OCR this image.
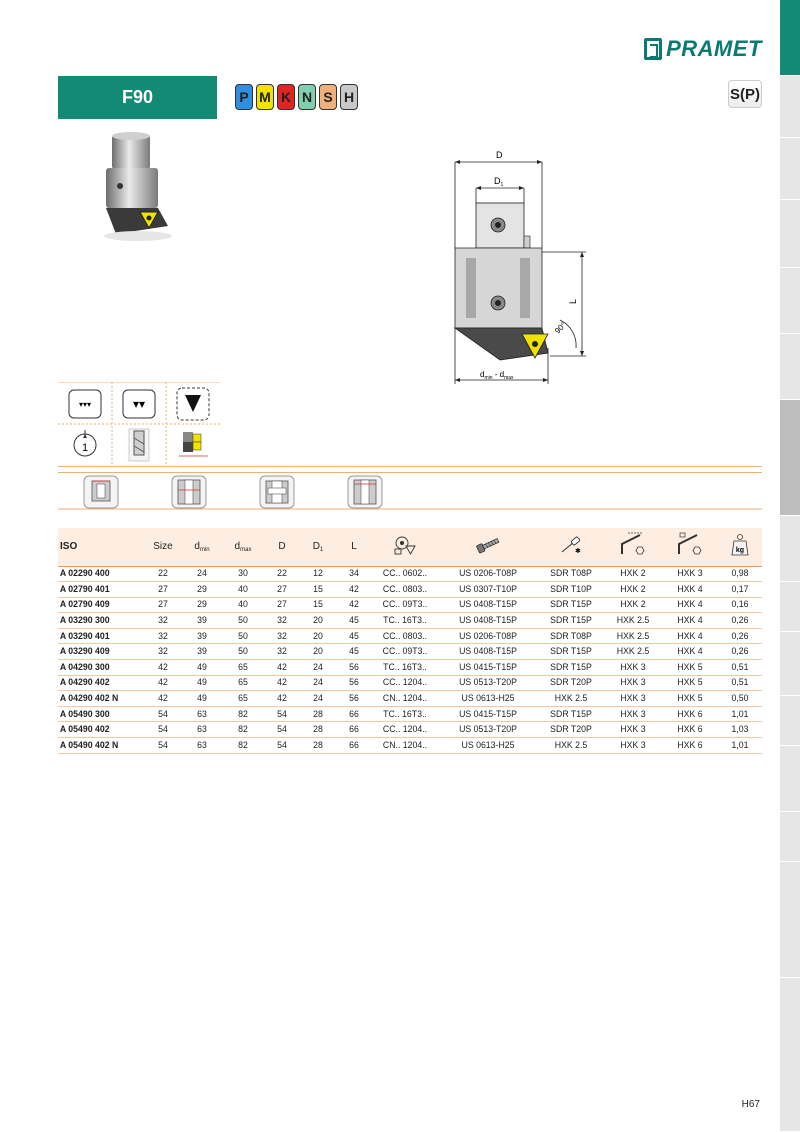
PRAMET
F90	P M K N S H	S(P)
D
$D_1$
L
90°
$d_{min} - d_{max}$
▾▾▾	▾▾
1
ISO	Size	$d_{min}$	$d_{max}$	D	$D_1$	L			✱			kg

A 02290 400	22	24	30	22	12	34	CC.. 0602..	US 0206-T08P	SDR T08P	HXK 2	HXK 3	0,98
A 02790 401	27	29	40	27	15	42	CC.. 0803..	US 0307-T10P	SDR T10P	HXK 2	HXK 4	0,17
A 02790 409	27	29	40	27	15	42	CC.. 09T3..	US 0408-T15P	SDR T15P	HXK 2	HXK 4	0,16
A 03290 300	32	39	50	32	20	45	TC.. 16T3..	US 0408-T15P	SDR T15P	HXK 2.5	HXK 4	0,26
A 03290 401	32	39	50	32	20	45	CC.. 0803..	US 0206-T08P	SDR T08P	HXK 2.5	HXK 4	0,26
A 03290 409	32	39	50	32	20	45	CC.. 09T3..	US 0408-T15P	SDR T15P	HXK 2.5	HXK 4	0,26
A 04290 300	42	49	65	42	24	56	TC.. 16T3..	US 0415-T15P	SDR T15P	HXK 3	HXK 5	0,51
A 04290 402	42	49	65	42	24	56	CC.. 1204..	US 0513-T20P	SDR T20P	HXK 3	HXK 5	0,51
A 04290 402 N	42	49	65	42	24	56	CN.. 1204..	US 0613-H25	HXK 2.5	HXK 3	HXK 5	0,50
A 05490 300	54	63	82	54	28	66	TC.. 16T3..	US 0415-T15P	SDR T15P	HXK 3	HXK 6	1,01
A 05490 402	54	63	82	54	28	66	CC.. 1204..	US 0513-T20P	SDR T20P	HXK 3	HXK 6	1,03
A 05490 402 N	54	63	82	54	28	66	CN.. 1204..	US 0613-H25	HXK 2.5	HXK 3	HXK 6	1,01
H67
